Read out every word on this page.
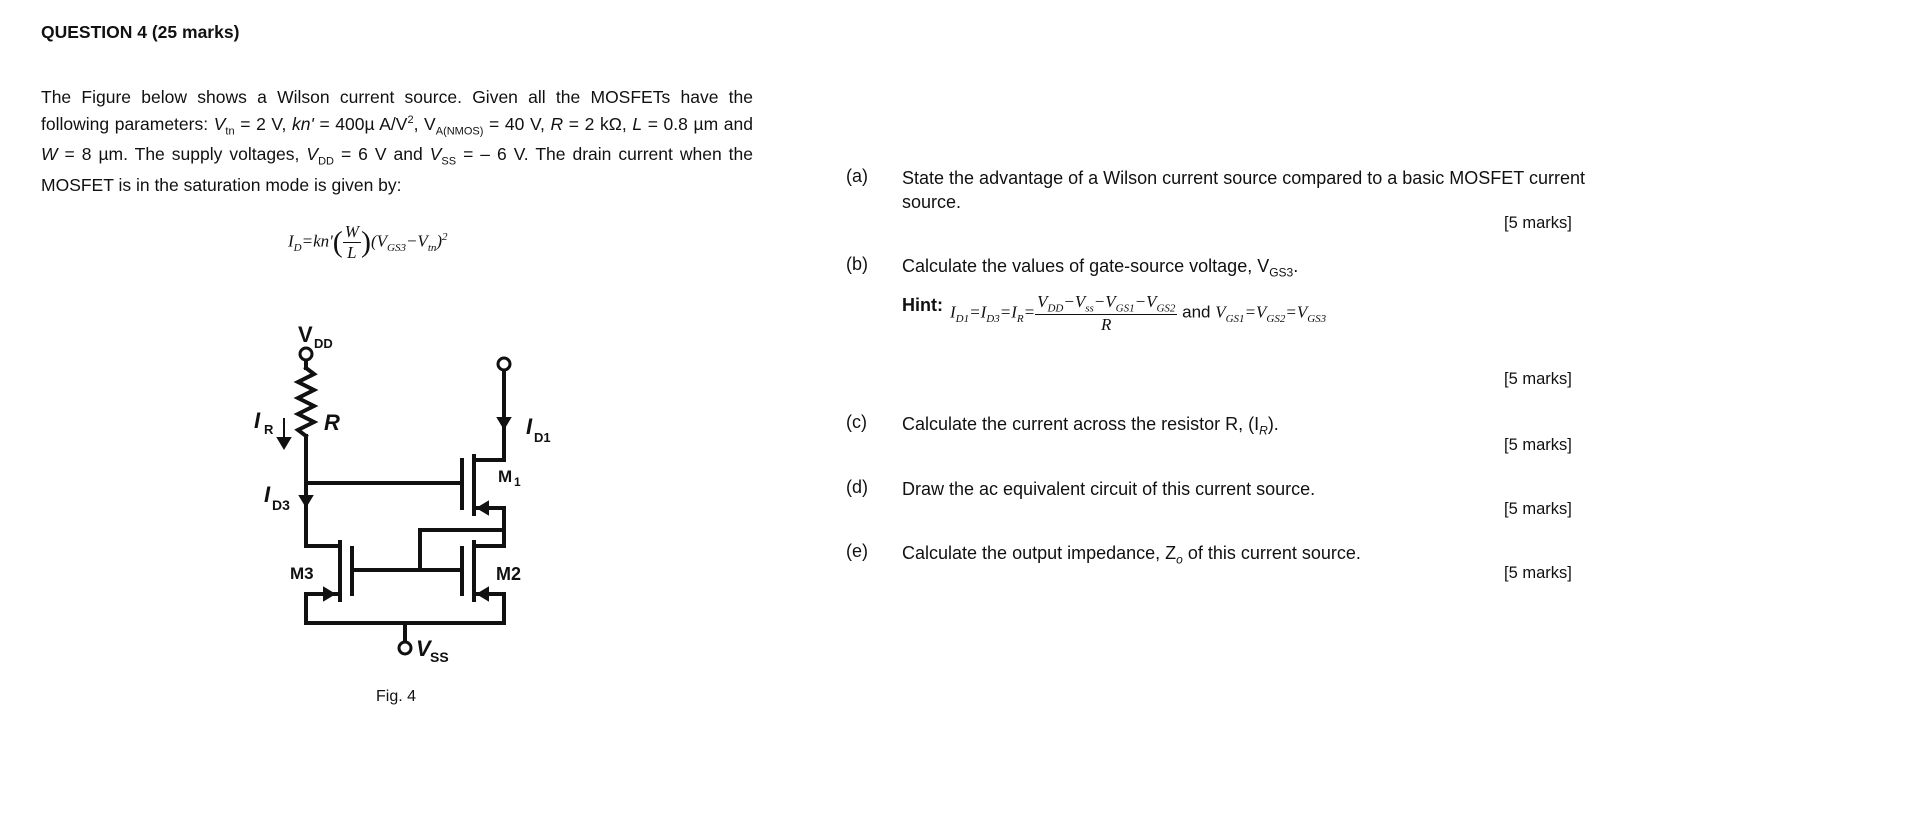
QUESTION 4 (25 marks)
The Figure below shows a Wilson current source. Given all the MOSFETs have the following parameters: $V_{tn} = 2$ V, kn' = 400µ $A/V^2$, $V_{A(NMOS)} = 40$ V, R = 2 kΩ, L = 0.8 µm and W = 8 µm. The supply voltages, $V_{DD} = 6$ V and $V_{SS}$ = – 6 V. The drain current when the MOSFET is in the saturation mode is given by:
$I_D=kn'( \frac{W}{L} )(V_{GS3}-V_{tn})^2$
V DD
I R R	I D1
I D3
M 1
M2
M3
V SS
Fig. 4
(a) State the advantage of a Wilson current source compared to a basic MOSFET current source.
[5 marks]
(b) Calculate the values of gate-source voltage, $V_{GS3}$.
Hint: $I_{D1}=I_{D3}=I_R= \frac{V_{DD}-V_{ss}-V_{GS1}-V_{GS2}}{R}$ and $V_{GS1}=V_{GS2}=V_{GS3}$
[5 marks]
(c) Calculate the current across the resistor R, $(I_R)$.
[5 marks]
(d) Draw the ac equivalent circuit of this current source.
[5 marks]
(e) Calculate the output impedance, $Z_o$ of this current source.
[5 marks]
